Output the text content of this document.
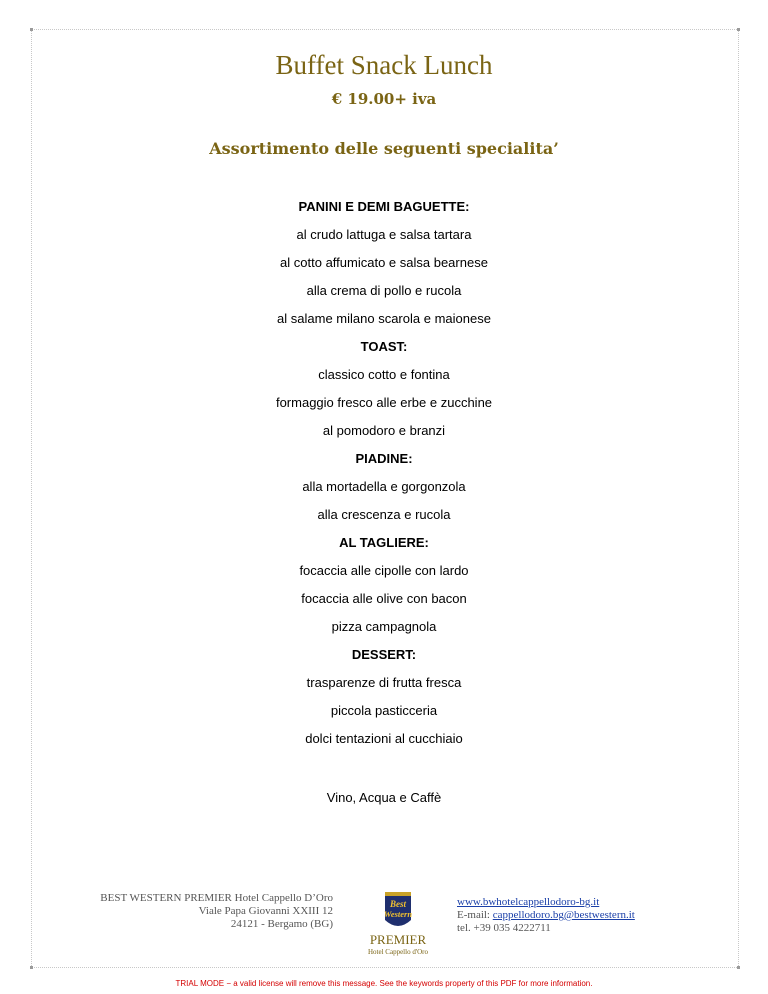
Buffet Snack Lunch
€ 19.00+ iva
Assortimento delle seguenti specialita’
PANINI E DEMI BAGUETTE:
al crudo lattuga e salsa tartara
al cotto affumicato e salsa bearnese
alla crema di pollo e rucola
al salame milano scarola e maionese
TOAST:
classico cotto e fontina
formaggio fresco alle erbe e zucchine
al pomodoro e branzi
PIADINE:
alla mortadella e gorgonzola
alla crescenza e rucola
AL TAGLIERE:
focaccia alle cipolle con lardo
focaccia alle olive con bacon
pizza campagnola
DESSERT:
trasparenze di frutta fresca
piccola pasticceria
dolci tentazioni al cucchiaio
Vino, Acqua e Caffè
BEST WESTERN PREMIER Hotel Cappello D’Oro
Viale Papa Giovanni XXIII 12
24121 - Bergamo (BG)
Best
Western
PREMIER
Hotel Cappello d'Oro
www.bwhotelcappellodoro-bg.it
E-mail: cappellodoro.bg@bestwestern.it
tel. +39 035 4222711
TRIAL MODE − a valid license will remove this message. See the keywords property of this PDF for more information.
